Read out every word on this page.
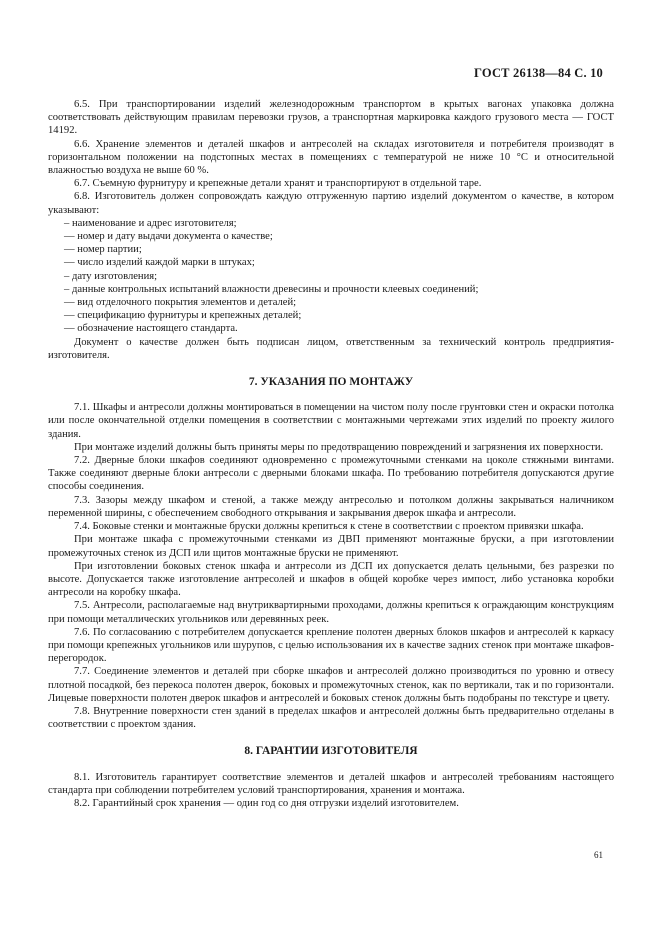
ГОСТ 26138—84 С. 10

6.5. При транспортировании изделий железнодорожным транспортом в крытых вагонах упаковка должна соответствовать действующим правилам перевозки грузов, а транспортная маркировка каждого грузового места — ГОСТ 14192.

6.6. Хранение элементов и деталей шкафов и антресолей на складах изготовителя и потребителя производят в горизонтальном положении на подстопных местах в помещениях с температурой не ниже 10 °С и относительной влажностью воздуха не выше 60 %.

6.7. Съемную фурнитуру и крепежные детали хранят и транспортируют в отдельной таре.

6.8. Изготовитель должен сопровождать каждую отгруженную партию изделий документом о качестве, в котором указывают:

– наименование и адрес изготовителя;
— номер и дату выдачи документа о качестве;
— номер партии;
— число изделий каждой марки в штуках;
– дату изготовления;
– данные контрольных испытаний влажности древесины и прочности клеевых соединений;
— вид отделочного покрытия элементов и деталей;
— спецификацию фурнитуры и крепежных деталей;
— обозначение настоящего стандарта.

Документ о качестве должен быть подписан лицом, ответственным за технический контроль предприятия-изготовителя.

7. УКАЗАНИЯ ПО МОНТАЖУ

7.1. Шкафы и антресоли должны монтироваться в помещении на чистом полу после грунтовки стен и окраски потолка или после окончательной отделки помещения в соответствии с монтажными чертежами этих изделий по проекту жилого здания.

При монтаже изделий должны быть приняты меры по предотвращению повреждений и загрязнения их поверхности.

7.2. Дверные блоки шкафов соединяют одновременно с промежуточными стенками на цоколе стяжными винтами. Также соединяют дверные блоки антресоли с дверными блоками шкафа. По требованию потребителя допускаются другие способы соединения.

7.3. Зазоры между шкафом и стеной, а также между антресолью и потолком должны закрываться наличником переменной ширины, с обеспечением свободного открывания и закрывания дверок шкафа и антресоли.

7.4. Боковые стенки и монтажные бруски должны крепиться к стене в соответствии с проектом привязки шкафа.

При монтаже шкафа с промежуточными стенками из ДВП применяют монтажные бруски, а при изготовлении промежуточных стенок из ДСП или щитов монтажные бруски не применяют.

При изготовлении боковых стенок шкафа и антресоли из ДСП их допускается делать цельными, без разрезки по высоте. Допускается также изготовление антресолей и шкафов в общей коробке через импост, либо установка коробки антресоли на коробку шкафа.

7.5. Антресоли, располагаемые над внутриквартирными проходами, должны крепиться к ограждающим конструкциям при помощи металлических угольников или деревянных реек.

7.6. По согласованию с потребителем допускается крепление полотен дверных блоков шкафов и антресолей к каркасу при помощи крепежных угольников или шурупов, с целью использования их в качестве задних стенок при монтаже шкафов-перегородок.

7.7. Соединение элементов и деталей при сборке шкафов и антресолей должно производиться по уровню и отвесу плотной посадкой, без перекоса полотен дверок, боковых и промежуточных стенок, как по вертикали, так и по горизонтали. Лицевые поверхности полотен дверок шкафов и антресолей и боковых стенок должны быть подобраны по текстуре и цвету.

7.8. Внутренние поверхности стен зданий в пределах шкафов и антресолей должны быть предварительно отделаны в соответствии с проектом здания.

8. ГАРАНТИИ ИЗГОТОВИТЕЛЯ

8.1. Изготовитель гарантирует соответствие элементов и деталей шкафов и антресолей требованиям настоящего стандарта при соблюдении потребителем условий транспортирования, хранения и монтажа.

8.2. Гарантийный срок хранения — один год со дня отгрузки изделий изготовителем.

61
